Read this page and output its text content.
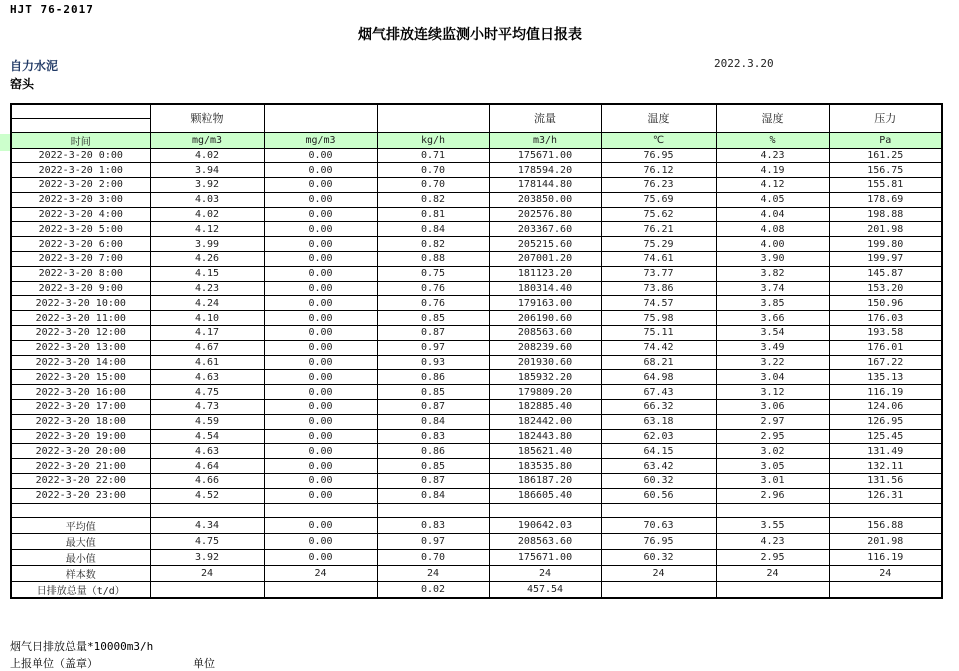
HJT 76-2017
烟气排放连续监测小时平均值日报表
自力水泥
窑头
2022.3.20
	颗粒物			流量	温度	湿度	压力

时间	mg/m3	mg/m3	kg/h	m3/h	℃	%	Pa
2022-3-20 0:00	4.02	0.00	0.71	175671.00	76.95	4.23	161.25
2022-3-20 1:00	3.94	0.00	0.70	178594.20	76.12	4.19	156.75
2022-3-20 2:00	3.92	0.00	0.70	178144.80	76.23	4.12	155.81
2022-3-20 3:00	4.03	0.00	0.82	203850.00	75.69	4.05	178.69
2022-3-20 4:00	4.02	0.00	0.81	202576.80	75.62	4.04	198.88
2022-3-20 5:00	4.12	0.00	0.84	203367.60	76.21	4.08	201.98
2022-3-20 6:00	3.99	0.00	0.82	205215.60	75.29	4.00	199.80
2022-3-20 7:00	4.26	0.00	0.88	207001.20	74.61	3.90	199.97
2022-3-20 8:00	4.15	0.00	0.75	181123.20	73.77	3.82	145.87
2022-3-20 9:00	4.23	0.00	0.76	180314.40	73.86	3.74	153.20
2022-3-20 10:00	4.24	0.00	0.76	179163.00	74.57	3.85	150.96
2022-3-20 11:00	4.10	0.00	0.85	206190.60	75.98	3.66	176.03
2022-3-20 12:00	4.17	0.00	0.87	208563.60	75.11	3.54	193.58
2022-3-20 13:00	4.67	0.00	0.97	208239.60	74.42	3.49	176.01
2022-3-20 14:00	4.61	0.00	0.93	201930.60	68.21	3.22	167.22
2022-3-20 15:00	4.63	0.00	0.86	185932.20	64.98	3.04	135.13
2022-3-20 16:00	4.75	0.00	0.85	179809.20	67.43	3.12	116.19
2022-3-20 17:00	4.73	0.00	0.87	182885.40	66.32	3.06	124.06
2022-3-20 18:00	4.59	0.00	0.84	182442.00	63.18	2.97	126.95
2022-3-20 19:00	4.54	0.00	0.83	182443.80	62.03	2.95	125.45
2022-3-20 20:00	4.63	0.00	0.86	185621.40	64.15	3.02	131.49
2022-3-20 21:00	4.64	0.00	0.85	183535.80	63.42	3.05	132.11
2022-3-20 22:00	4.66	0.00	0.87	186187.20	60.32	3.01	131.56
2022-3-20 23:00	4.52	0.00	0.84	186605.40	60.56	2.96	126.31

平均值	4.34	0.00	0.83	190642.03	70.63	3.55	156.88
最大值	4.75	0.00	0.97	208563.60	76.95	4.23	201.98
最小值	3.92	0.00	0.70	175671.00	60.32	2.95	116.19
样本数	24	24	24	24	24	24	24
日排放总量（t/d）			0.02	457.54			
烟气日排放总量*10000m3/h
上报单位（盖章）	单位
